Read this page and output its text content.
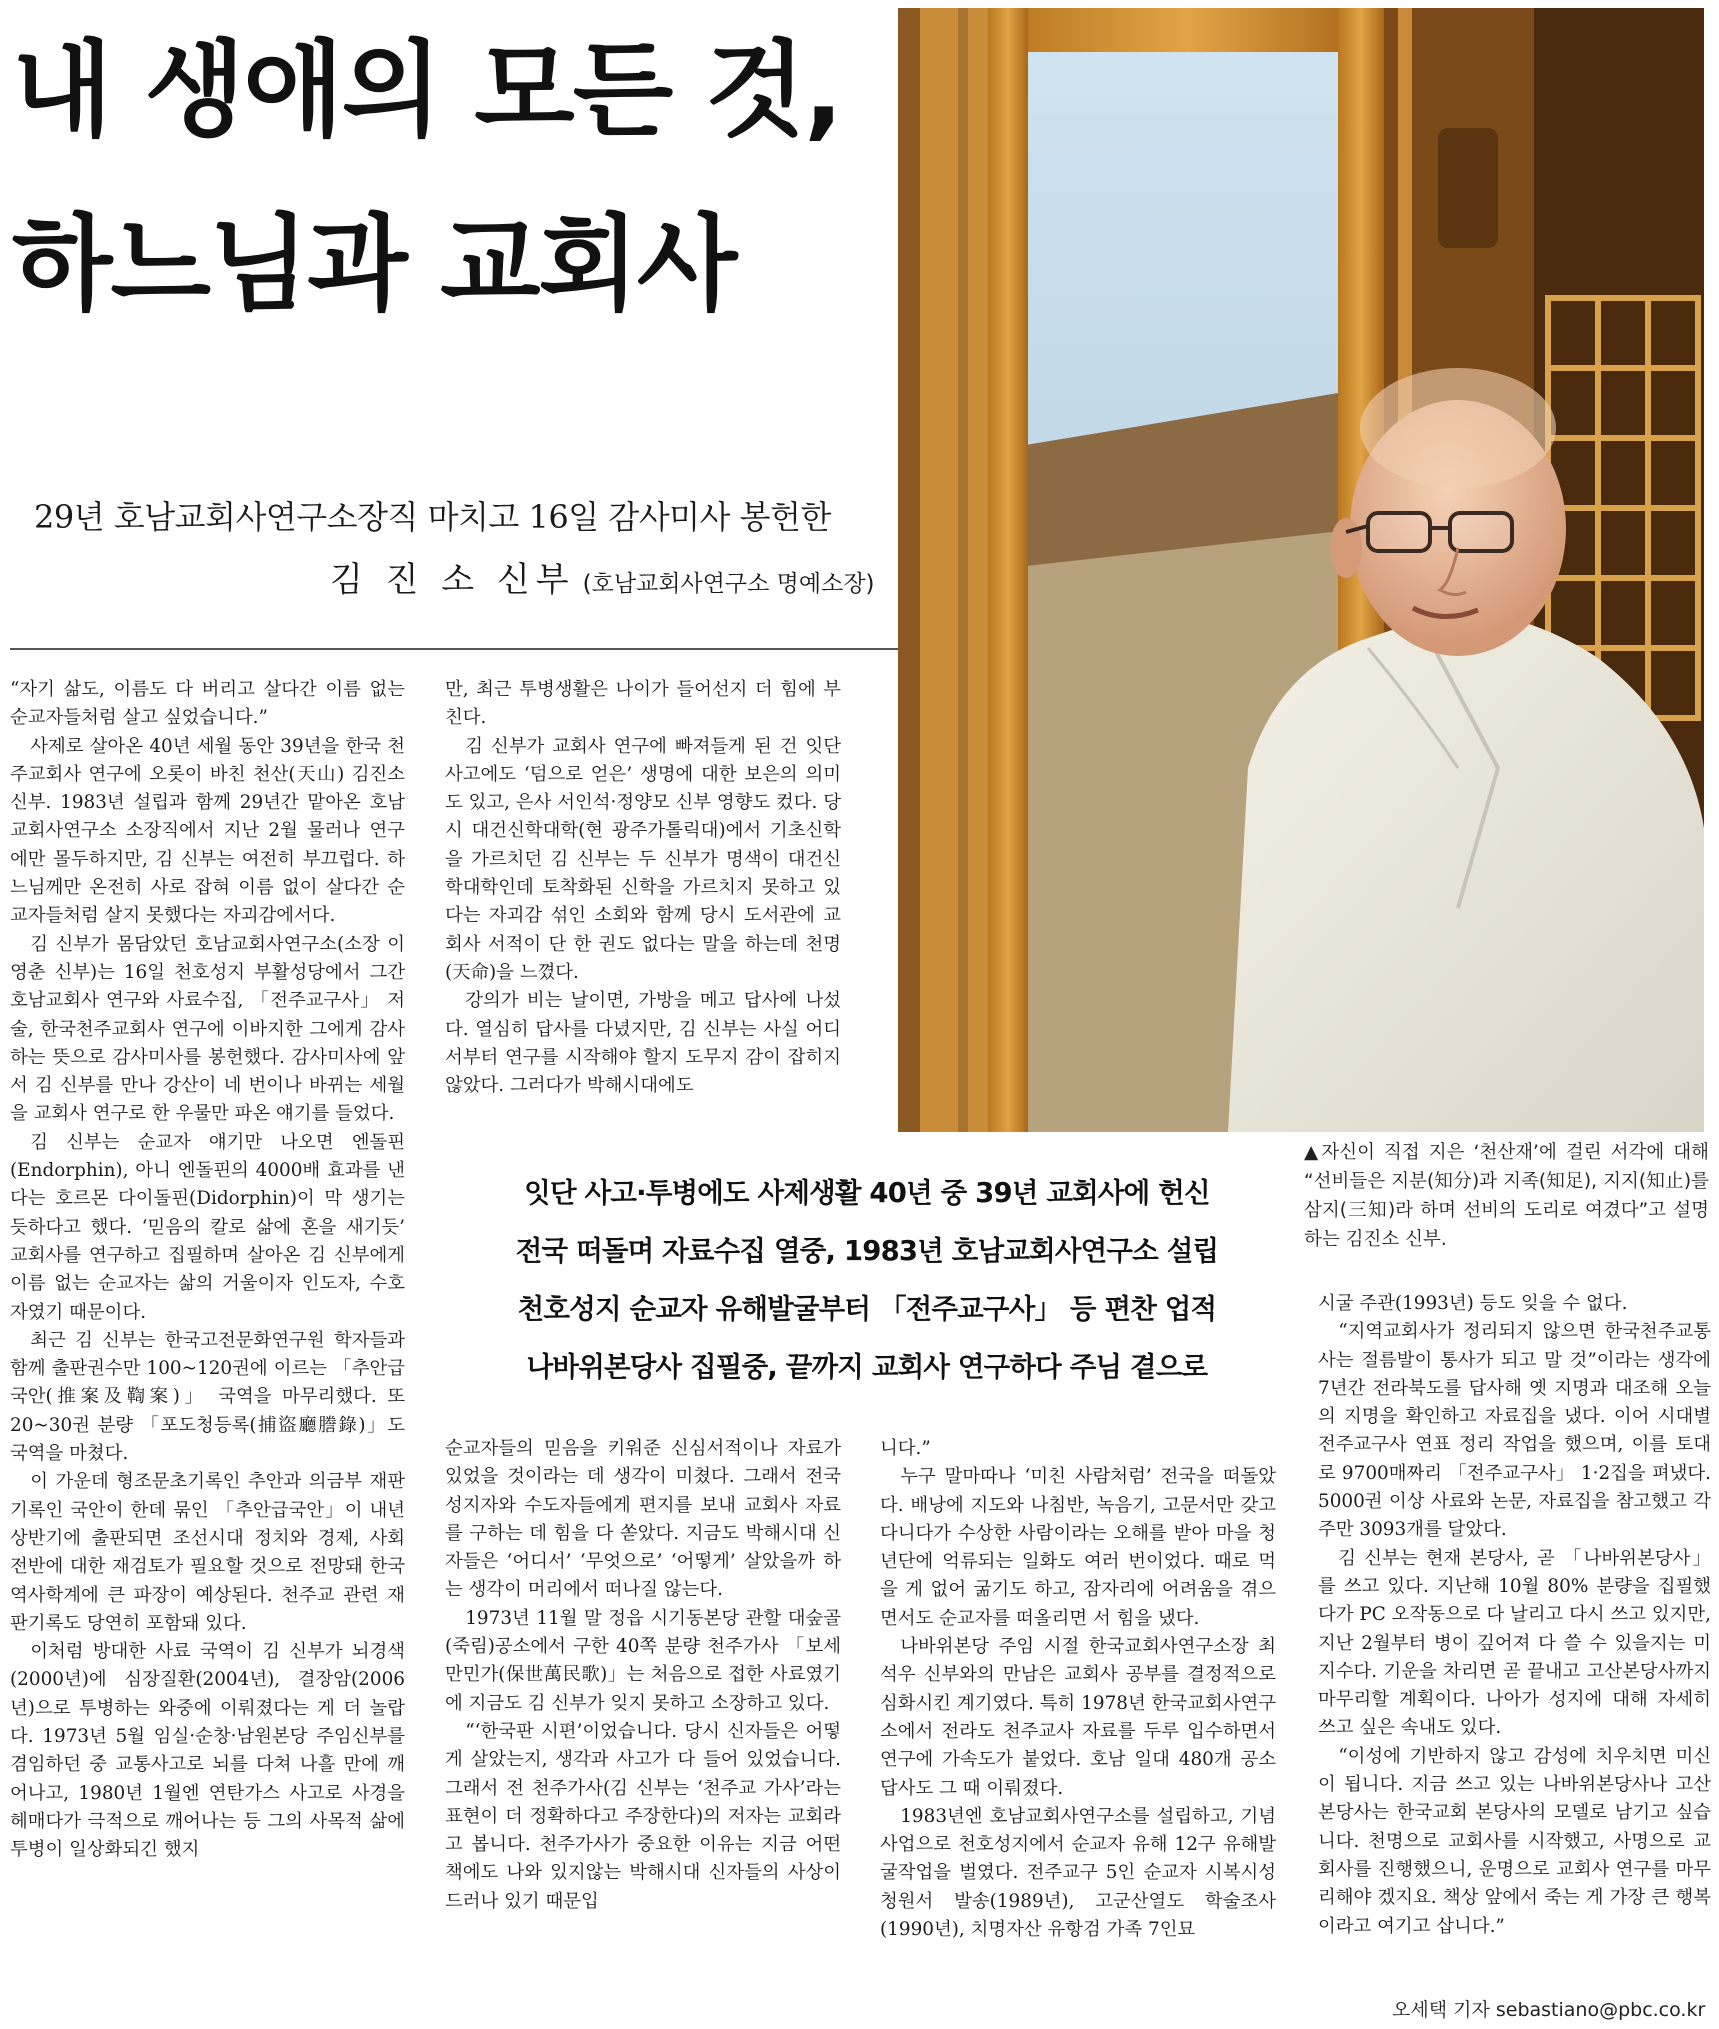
내 생애의 모든 것,
하느님과 교회사
29년 호남교회사연구소장직 마치고 16일 감사미사 봉헌한
김 진 소 신부 (호남교회사연구소 명예소장)
▲자신이 직접 지은 ‘천산재’에 걸린 서각에 대해 “선비들은 지분(知分)과 지족(知足), 지지(知止)를 삼지(三知)라 하며 선비의 도리로 여겼다”고 설명하는 김진소 신부.

“자기 삶도, 이름도 다 버리고 살다간 이름 없는 순교자들처럼 살고 싶었습니다.”

사제로 살아온 40년 세월 동안 39년을 한국 천주교회사 연구에 오롯이 바친 천산(天山) 김진소 신부. 1983년 설립과 함께 29년간 맡아온 호남교회사연구소 소장직에서 지난 2월 물러나 연구에만 몰두하지만, 김 신부는 여전히 부끄럽다. 하느님께만 온전히 사로 잡혀 이름 없이 살다간 순교자들처럼 살지 못했다는 자괴감에서다.

김 신부가 몸담았던 호남교회사연구소(소장 이영춘 신부)는 16일 천호성지 부활성당에서 그간 호남교회사 연구와 사료수집, 「전주교구사」 저술, 한국천주교회사 연구에 이바지한 그에게 감사하는 뜻으로 감사미사를 봉헌했다. 감사미사에 앞서 김 신부를 만나 강산이 네 번이나 바뀌는 세월을 교회사 연구로 한 우물만 파온 얘기를 들었다.

김 신부는 순교자 얘기만 나오면 엔돌핀(Endorphin), 아니 엔돌핀의 4000배 효과를 낸다는 호르몬 다이돌핀(Didorphin)이 막 생기는 듯하다고 했다. ‘믿음의 칼로 삶에 혼을 새기듯’ 교회사를 연구하고 집필하며 살아온 김 신부에게 이름 없는 순교자는 삶의 거울이자 인도자, 수호자였기 때문이다.

최근 김 신부는 한국고전문화연구원 학자들과 함께 출판권수만 100~120권에 이르는 「추안급국안(推案及鞫案)」 국역을 마무리했다. 또 20~30권 분량 「포도청등록(捕盜廳謄錄)」도 국역을 마쳤다.

이 가운데 형조문초기록인 추안과 의금부 재판기록인 국안이 한데 묶인 「추안급국안」이 내년 상반기에 출판되면 조선시대 정치와 경제, 사회 전반에 대한 재검토가 필요할 것으로 전망돼 한국 역사학계에 큰 파장이 예상된다. 천주교 관련 재판기록도 당연히 포함돼 있다.

이처럼 방대한 사료 국역이 김 신부가 뇌경색(2000년)에 심장질환(2004년), 결장암(2006년)으로 투병하는 와중에 이뤄졌다는 게 더 놀랍다. 1973년 5월 임실·순창·남원본당 주임신부를 겸임하던 중 교통사고로 뇌를 다쳐 나흘 만에 깨어나고, 1980년 1월엔 연탄가스 사고로 사경을 헤매다가 극적으로 깨어나는 등 그의 사목적 삶에 투병이 일상화되긴 했지

만, 최근 투병생활은 나이가 들어선지 더 힘에 부친다.

김 신부가 교회사 연구에 빠져들게 된 건 잇단 사고에도 ‘덤으로 얻은’ 생명에 대한 보은의 의미도 있고, 은사 서인석·정양모 신부 영향도 컸다. 당시 대건신학대학(현 광주가톨릭대)에서 기초신학을 가르치던 김 신부는 두 신부가 명색이 대건신학대학인데 토착화된 신학을 가르치지 못하고 있다는 자괴감 섞인 소회와 함께 당시 도서관에 교회사 서적이 단 한 권도 없다는 말을 하는데 천명(天命)을 느꼈다.

강의가 비는 날이면, 가방을 메고 답사에 나섰다. 열심히 답사를 다녔지만, 김 신부는 사실 어디서부터 연구를 시작해야 할지 도무지 감이 잡히지 않았다. 그러다가 박해시대에도

잇단 사고·투병에도 사제생활 40년 중 39년 교회사에 헌신
전국 떠돌며 자료수집 열중, 1983년 호남교회사연구소 설립
천호성지 순교자 유해발굴부터 「전주교구사」 등 편찬 업적
나바위본당사 집필중, 끝까지 교회사 연구하다 주님 곁으로

순교자들의 믿음을 키워준 신심서적이나 자료가 있었을 것이라는 데 생각이 미쳤다. 그래서 전국 성지자와 수도자들에게 편지를 보내 교회사 자료를 구하는 데 힘을 다 쏟았다. 지금도 박해시대 신자들은 ‘어디서’ ‘무엇으로’ ‘어떻게’ 살았을까 하는 생각이 머리에서 떠나질 않는다.

1973년 11월 말 정읍 시기동본당 관할 대숲골(죽림)공소에서 구한 40쪽 분량 천주가사 「보세만민가(保世萬民歌)」는 처음으로 접한 사료였기에 지금도 김 신부가 잊지 못하고 소장하고 있다.

“‘한국판 시편’이었습니다. 당시 신자들은 어떻게 살았는지, 생각과 사고가 다 들어 있었습니다. 그래서 전 천주가사(김 신부는 ‘천주교 가사’라는 표현이 더 정확하다고 주장한다)의 저자는 교회라고 봅니다. 천주가사가 중요한 이유는 지금 어떤 책에도 나와 있지않는 박해시대 신자들의 사상이 드러나 있기 때문입

니다.”

누구 말마따나 ‘미친 사람처럼’ 전국을 떠돌았다. 배낭에 지도와 나침반, 녹음기, 고문서만 갖고 다니다가 수상한 사람이라는 오해를 받아 마을 청년단에 억류되는 일화도 여러 번이었다. 때로 먹을 게 없어 굶기도 하고, 잠자리에 어려움을 겪으면서도 순교자를 떠올리면 서 힘을 냈다.

나바위본당 주임 시절 한국교회사연구소장 최석우 신부와의 만남은 교회사 공부를 결정적으로 심화시킨 계기였다. 특히 1978년 한국교회사연구소에서 전라도 천주교사 자료를 두루 입수하면서 연구에 가속도가 붙었다. 호남 일대 480개 공소 답사도 그 때 이뤄졌다.

1983년엔 호남교회사연구소를 설립하고, 기념사업으로 천호성지에서 순교자 유해 12구 유해발굴작업을 벌였다. 전주교구 5인 순교자 시복시성 청원서 발송(1989년), 고군산열도 학술조사(1990년), 치명자산 유항검 가족 7인묘

시굴 주관(1993년) 등도 잊을 수 없다.

“지역교회사가 정리되지 않으면 한국천주교통사는 절름발이 통사가 되고 말 것”이라는 생각에 7년간 전라북도를 답사해 옛 지명과 대조해 오늘의 지명을 확인하고 자료집을 냈다. 이어 시대별 전주교구사 연표 정리 작업을 했으며, 이를 토대로 9700매짜리 「전주교구사」 1·2집을 펴냈다. 5000권 이상 사료와 논문, 자료집을 참고했고 각주만 3093개를 달았다.

김 신부는 현재 본당사, 곧 「나바위본당사」를 쓰고 있다. 지난해 10월 80% 분량을 집필했다가 PC 오작동으로 다 날리고 다시 쓰고 있지만, 지난 2월부터 병이 깊어져 다 쓸 수 있을지는 미지수다. 기운을 차리면 곧 끝내고 고산본당사까지 마무리할 계획이다. 나아가 성지에 대해 자세히 쓰고 싶은 속내도 있다.

“이성에 기반하지 않고 감성에 치우치면 미신이 됩니다. 지금 쓰고 있는 나바위본당사나 고산본당사는 한국교회 본당사의 모델로 남기고 싶습니다. 천명으로 교회사를 시작했고, 사명으로 교회사를 진행했으니, 운명으로 교회사 연구를 마무리해야 겠지요. 책상 앞에서 죽는 게 가장 큰 행복이라고 여기고 삽니다.”

오세택 기자 sebastiano@pbc.co.kr
